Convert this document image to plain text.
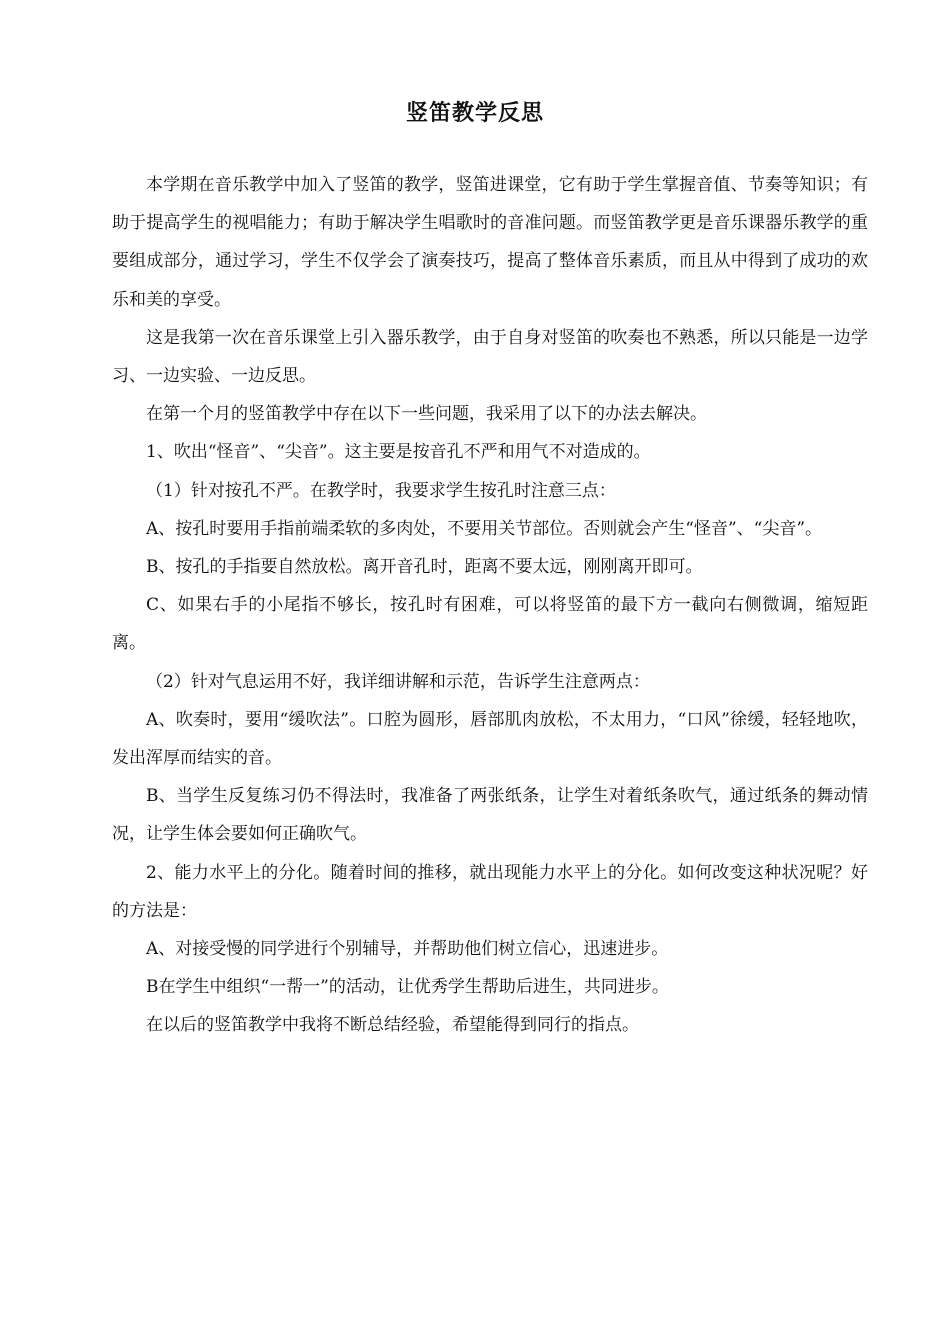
竖笛教学反思

本学期在音乐教学中加入了竖笛的教学，竖笛进课堂，它有助于学生掌握音值、节奏等知识；有助于提高学生的视唱能力；有助于解决学生唱歌时的音准问题。而竖笛教学更是音乐课器乐教学的重要组成部分，通过学习，学生不仅学会了演奏技巧，提高了整体音乐素质，而且从中得到了成功的欢乐和美的享受。

这是我第一次在音乐课堂上引入器乐教学，由于自身对竖笛的吹奏也不熟悉，所以只能是一边学习、一边实验、一边反思。

在第一个月的竖笛教学中存在以下一些问题，我采用了以下的办法去解决。

1、吹出“怪音”、“尖音”。这主要是按音孔不严和用气不对造成的。

（1）针对按孔不严。在教学时，我要求学生按孔时注意三点：

A、按孔时要用手指前端柔软的多肉处，不要用关节部位。否则就会产生“怪音”、“尖音”。

B、按孔的手指要自然放松。离开音孔时，距离不要太远，刚刚离开即可。

C、如果右手的小尾指不够长，按孔时有困难，可以将竖笛的最下方一截向右侧微调，缩短距离。

（2）针对气息运用不好，我详细讲解和示范，告诉学生注意两点：

A、吹奏时，要用“缓吹法”。口腔为圆形，唇部肌肉放松，不太用力，“口风”徐缓，轻轻地吹，发出浑厚而结实的音。

B、当学生反复练习仍不得法时，我准备了两张纸条，让学生对着纸条吹气，通过纸条的舞动情况，让学生体会要如何正确吹气。

2、能力水平上的分化。随着时间的推移，就出现能力水平上的分化。如何改变这种状况呢？好的方法是：

A、对接受慢的同学进行个别辅导，并帮助他们树立信心，迅速进步。

B在学生中组织“一帮一”的活动，让优秀学生帮助后进生，共同进步。

在以后的竖笛教学中我将不断总结经验，希望能得到同行的指点。
